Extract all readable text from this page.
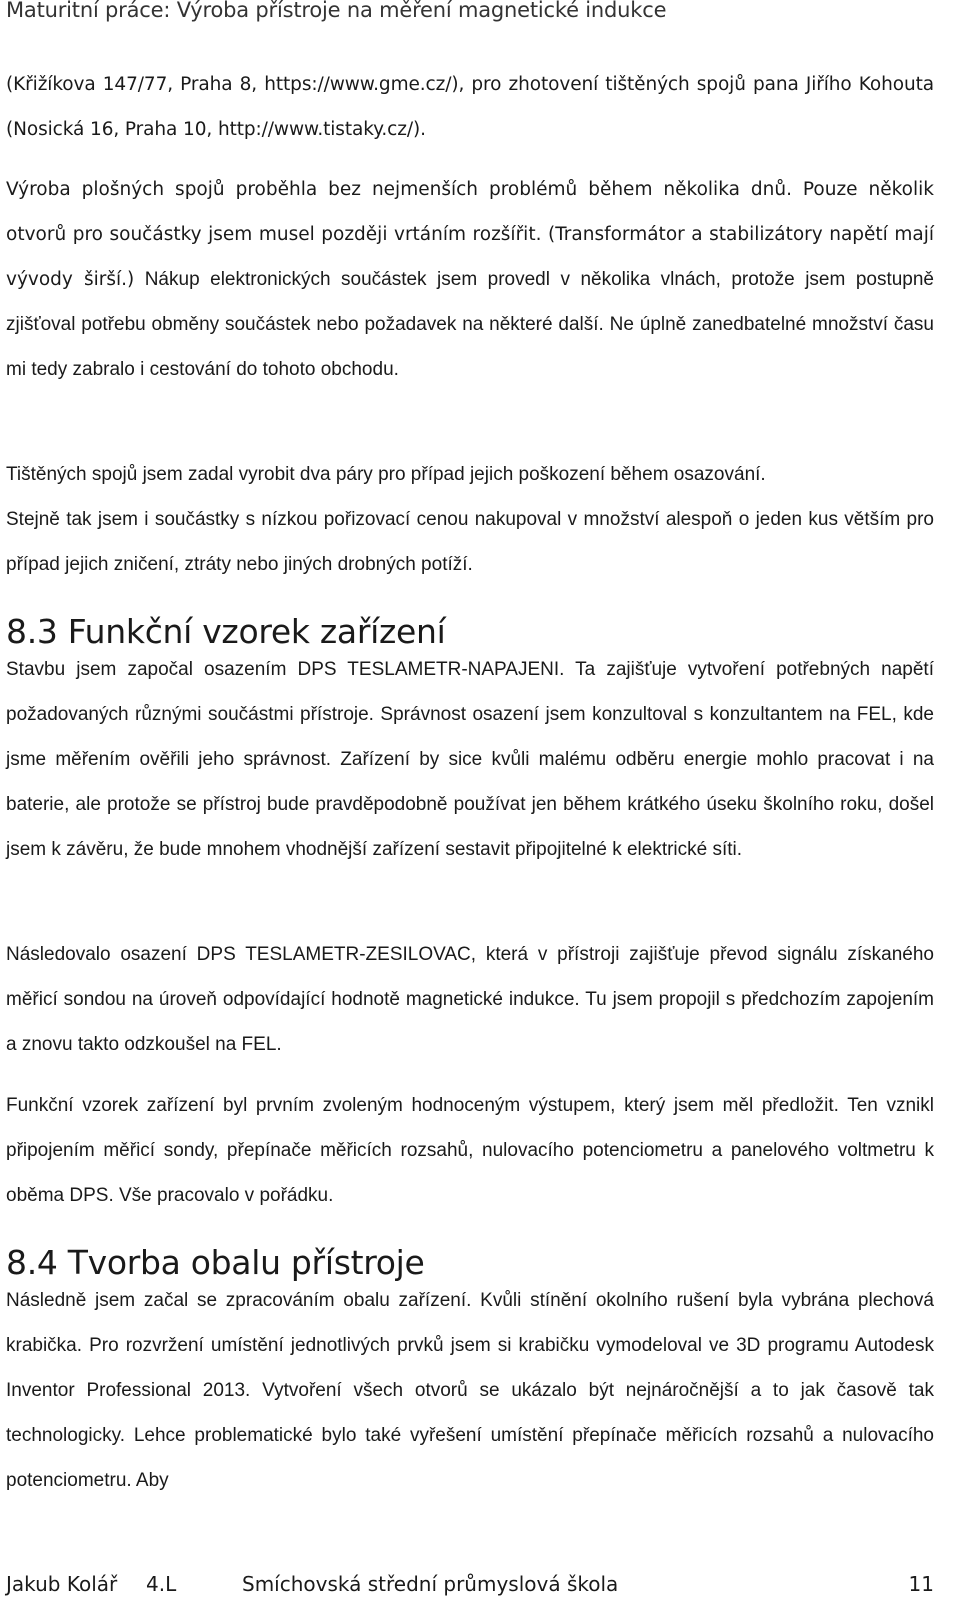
Maturitní práce: Výroba přístroje na měření magnetické indukce
(Křižíkova 147/77, Praha 8, https://www.gme.cz/), pro zhotovení tištěných spojů pana Jiřího Kohouta (Nosická 16, Praha 10, http://www.tistaky.cz/).
Výroba plošných spojů proběhla bez nejmenších problémů během několika dnů. Pouze několik otvorů pro součástky jsem musel později vrtáním rozšířit. (Transformátor a stabilizátory napětí mají vývody širší.) Nákup elektronických součástek jsem provedl v několika vlnách, protože jsem postupně zjišťoval potřebu obměny součástek nebo požadavek na některé další. Ne úplně zanedbatelné množství času mi tedy zabralo i cestování do tohoto obchodu.
Tištěných spojů jsem zadal vyrobit dva páry pro případ jejich poškození během osazování.
Stejně tak jsem i součástky s nízkou pořizovací cenou nakupoval v množství alespoň o jeden kus větším pro případ jejich zničení, ztráty nebo jiných drobných potíží.
8.3 Funkční vzorek zařízení
Stavbu jsem započal osazením DPS TESLAMETR-NAPAJENI. Ta zajišťuje vytvoření potřebných napětí požadovaných různými součástmi přístroje. Správnost osazení jsem konzultoval s konzultantem na FEL, kde jsme měřením ověřili jeho správnost. Zařízení by sice kvůli malému odběru energie mohlo pracovat i na baterie, ale protože se přístroj bude pravděpodobně používat jen během krátkého úseku školního roku, došel jsem k závěru, že bude mnohem vhodnější zařízení sestavit připojitelné k elektrické síti.
Následovalo osazení DPS TESLAMETR-ZESILOVAC, která v přístroji zajišťuje převod signálu získaného měřicí sondou na úroveň odpovídající hodnotě magnetické indukce. Tu jsem propojil s předchozím zapojením a znovu takto odzkoušel na FEL.
Funkční vzorek zařízení byl prvním zvoleným hodnoceným výstupem, který jsem měl předložit. Ten vznikl připojením měřicí sondy, přepínače měřicích rozsahů, nulovacího potenciometru a panelového voltmetru k oběma DPS. Vše pracovalo v pořádku.
8.4 Tvorba obalu přístroje
Následně jsem začal se zpracováním obalu zařízení. Kvůli stínění okolního rušení byla vybrána plechová krabička. Pro rozvržení umístění jednotlivých prvků jsem si krabičku vymodeloval ve 3D programu Autodesk Inventor Professional 2013. Vytvoření všech otvorů se ukázalo být nejnáročnější a to jak časově tak technologicky. Lehce problematické bylo také vyřešení umístění přepínače měřicích rozsahů a nulovacího potenciometru. Aby
Jakub Kolář 4.L	Smíchovská střední průmyslová škola	11
